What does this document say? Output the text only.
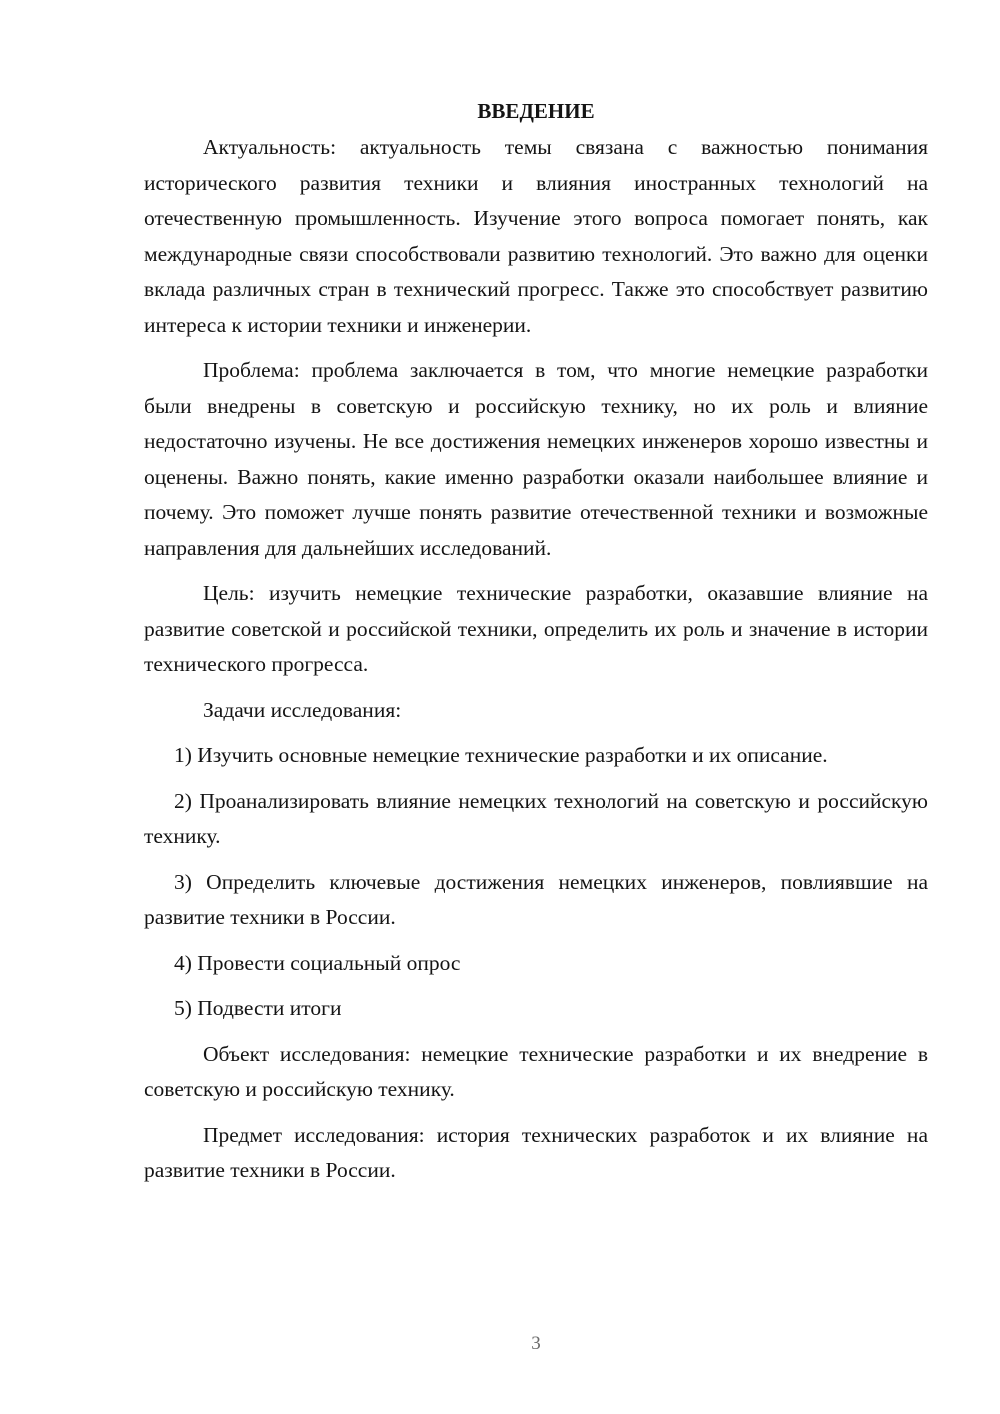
ВВЕДЕНИЕ

Актуальность: актуальность темы связана с важностью понимания исторического развития техники и влияния иностранных технологий на отечественную промышленность. Изучение этого вопроса помогает понять, как международные связи способствовали развитию технологий. Это важно для оценки вклада различных стран в технический прогресс. Также это способствует развитию интереса к истории техники и инженерии.

Проблема: проблема заключается в том, что многие немецкие разработки были внедрены в советскую и российскую технику, но их роль и влияние недостаточно изучены. Не все достижения немецких инженеров хорошо известны и оценены. Важно понять, какие именно разработки оказали наибольшее влияние и почему. Это поможет лучше понять развитие отечественной техники и возможные направления для дальнейших исследований.

Цель: изучить немецкие технические разработки, оказавшие влияние на развитие советской и российской техники, определить их роль и значение в истории технического прогресса.

Задачи исследования:

1) Изучить основные немецкие технические разработки и их описание.

2) Проанализировать влияние немецких технологий на советскую и российскую технику.

3) Определить ключевые достижения немецких инженеров, повлиявшие на развитие техники в России.

4) Провести социальный опрос

5) Подвести итоги

Объект исследования: немецкие технические разработки и их внедрение в советскую и российскую технику.

Предмет исследования: история технических разработок и их влияние на развитие техники в России.

3
